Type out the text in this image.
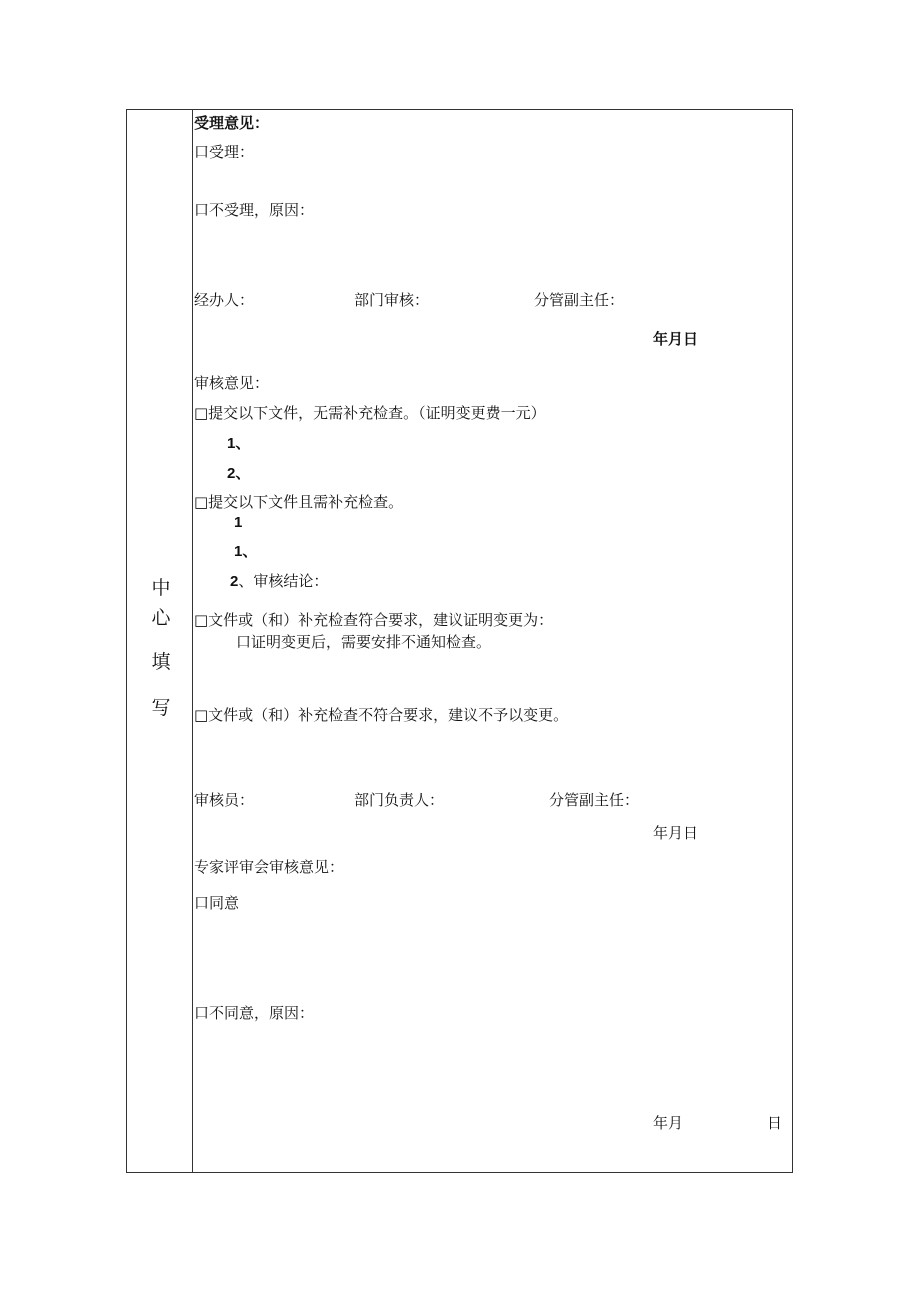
中
心
填
写
受理意见：
口受理：
口不受理，原因：
经办人：	部门审核：	分管副主任：
年月日
审核意见：
□提交以下文件，无需补充检查。（证明变更费一元）
1、
2、
□提交以下文件且需补充检查。
1
1、
2、审核结论：
□文件或（和）补充检查符合要求，建议证明变更为：
口证明变更后，需要安排不通知检查。
□文件或（和）补充检查不符合要求，建议不予以变更。
审核员：	部门负责人：	分管副主任：
年月日
专家评审会审核意见：
口同意
口不同意，原因：
年月	日
